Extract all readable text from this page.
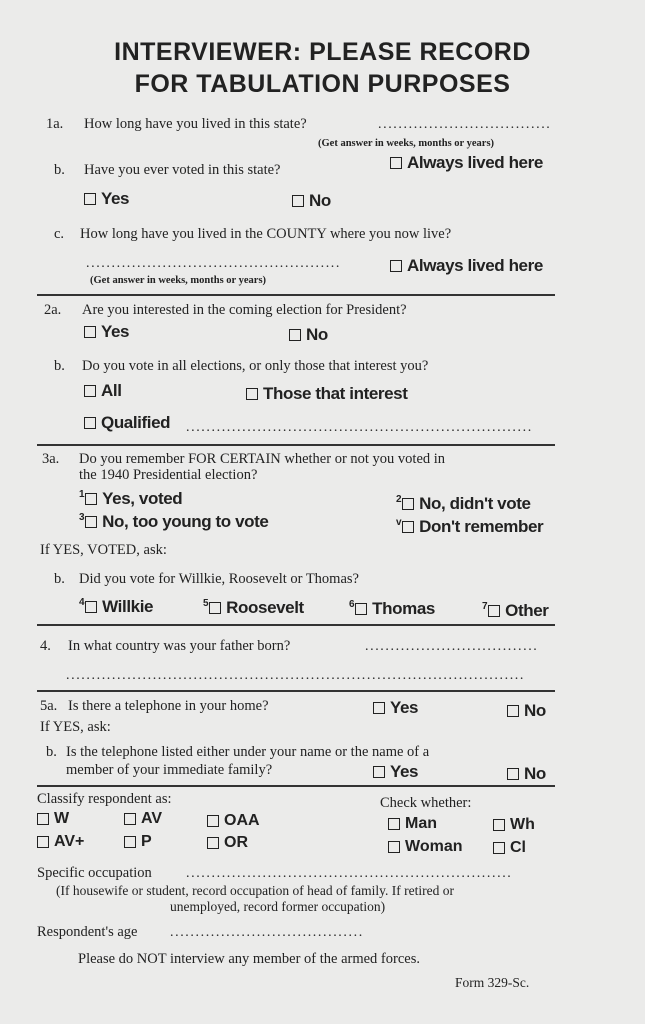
INTERVIEWER: PLEASE RECORD
FOR TABULATION PURPOSES
1a. How long have you lived in this state?	..................................
(Get answer in weeks, months or years)
b. Have you ever voted in this state?	Always lived here
Yes	No
c. How long have you lived in the COUNTY where you now live?
..................................................	Always lived here
(Get answer in weeks, months or years)
2a. Are you interested in the coming election for President?
Yes	No
b. Do you vote in all elections, or only those that interest you?
All	Those that interest
Qualified ....................................................................
3a. Do you remember FOR CERTAIN whether or not you voted in
the 1940 Presidential election?
1 Yes, voted	2 No, didn't vote
3 No, too young to vote	v Don't remember
If YES, VOTED, ask:
b. Did you vote for Willkie, Roosevelt or Thomas?
4 Willkie	5 Roosevelt	6 Thomas	7 Other
4. In what country was your father born?	..................................
..........................................................................................
5a. Is there a telephone in your home?	Yes	No
If YES, ask:
b. Is the telephone listed either under your name or the name of a
member of your immediate family?	Yes	No
Classify respondent as:
W	AV	OAA
AV+	P	OR
Check whether:
Man	Wh
Woman	Cl
Specific occupation ................................................................
(If housewife or student, record occupation of head of family. If retired or
unemployed, record former occupation)
Respondent's age ......................................
Please do NOT interview any member of the armed forces.
Form 329-Sc.
